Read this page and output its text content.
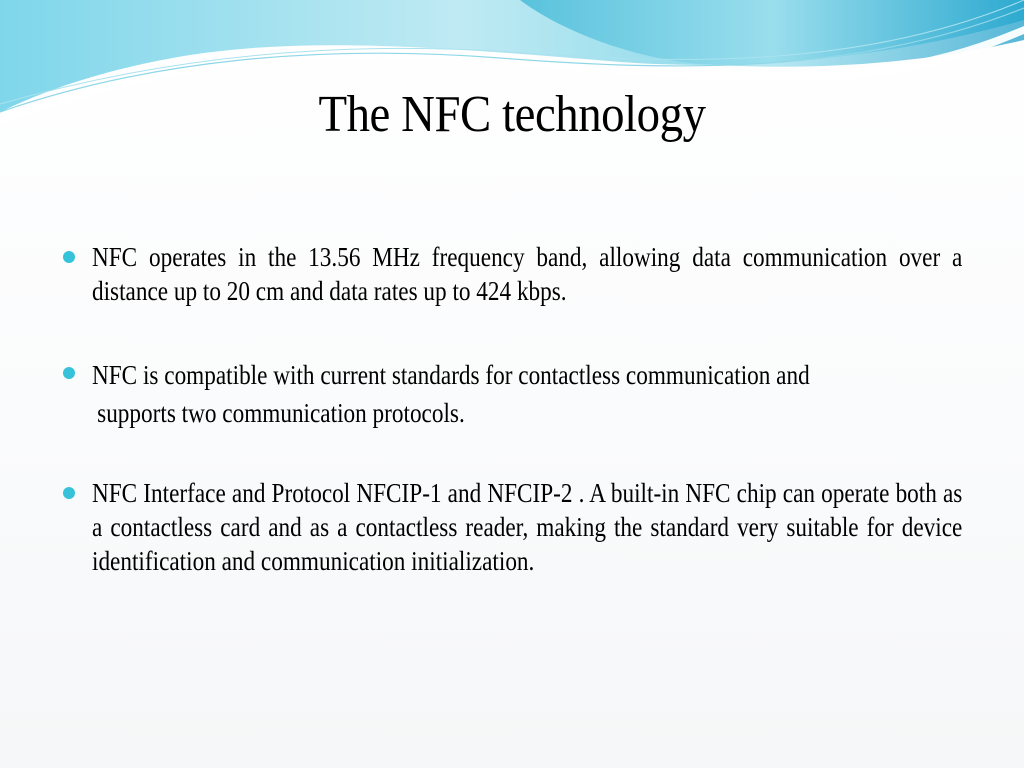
The NFC technology
NFC operates in the 13.56 MHz frequency band, allowing data communication over a distance up to 20 cm and data rates up to 424 kbps.
NFC is compatible with current standards for contactless communication and
supports two communication protocols.
NFC Interface and Protocol NFCIP-1 and NFCIP-2 . A built-in NFC chip can operate both as a contactless card and as a contactless reader, making the standard very suitable for device identification and communication initialization.
